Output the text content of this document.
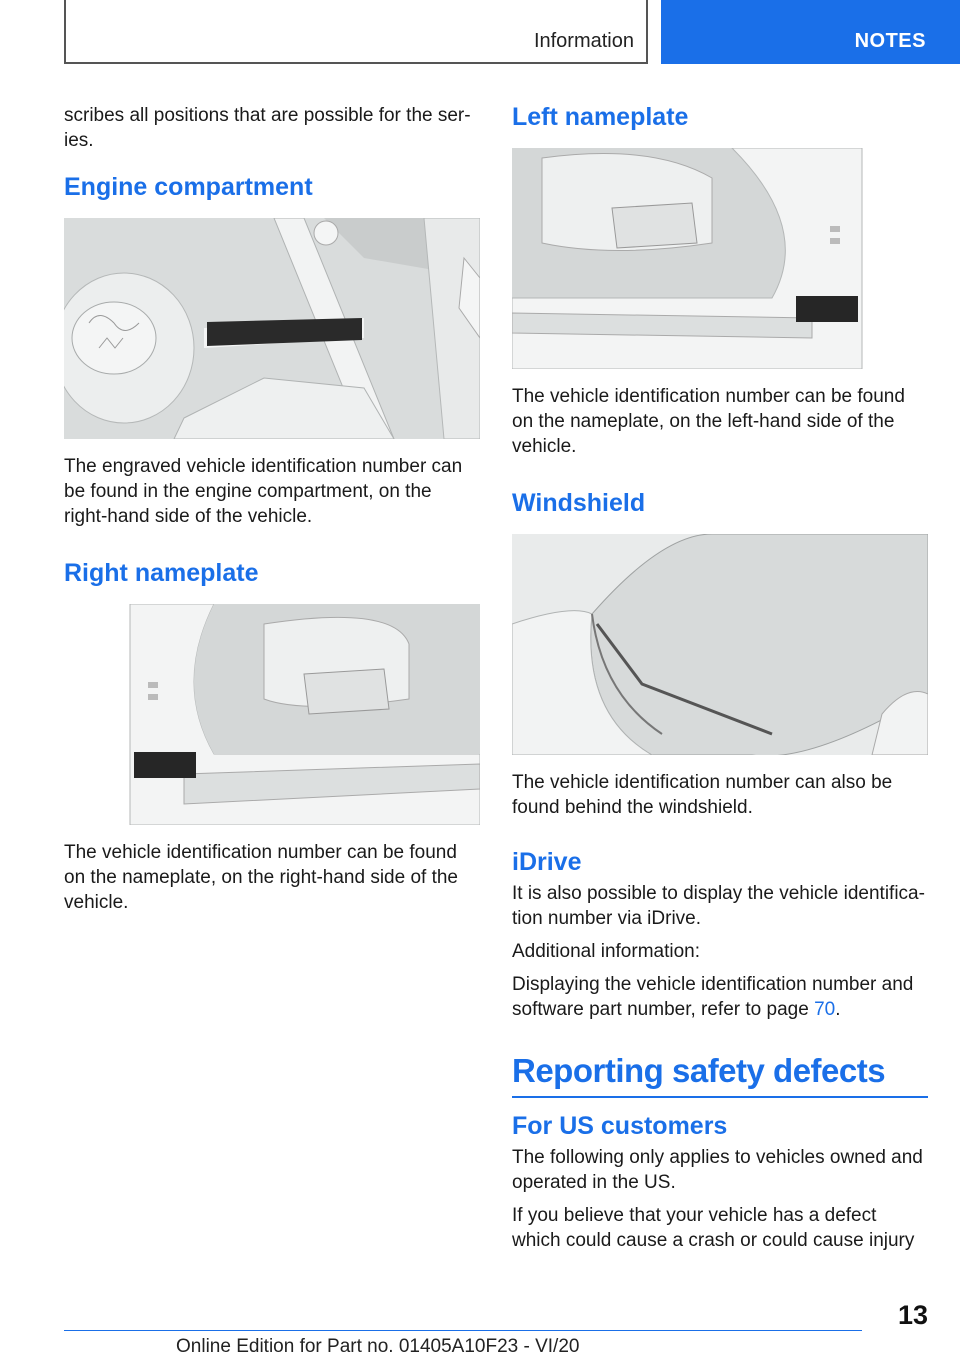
Information	NOTES

scribes all positions that are possible for the series.

Engine compartment

The engraved vehicle identification number can be found in the engine compartment, on the right-hand side of the vehicle.

Right nameplate

The vehicle identification number can be found on the nameplate, on the right-hand side of the vehicle.

Left nameplate

The vehicle identification number can be found on the nameplate, on the left-hand side of the vehicle.

Windshield

The vehicle identification number can also be found behind the windshield.

iDrive

It is also possible to display the vehicle identification number via iDrive.

Additional information:

Displaying the vehicle identification number and software part number, refer to page 70.

Reporting safety defects
For US customers

The following only applies to vehicles owned and operated in the US.

If you believe that your vehicle has a defect which could cause a crash or could cause injury

13
Online Edition for Part no. 01405A10F23 - VI/20
